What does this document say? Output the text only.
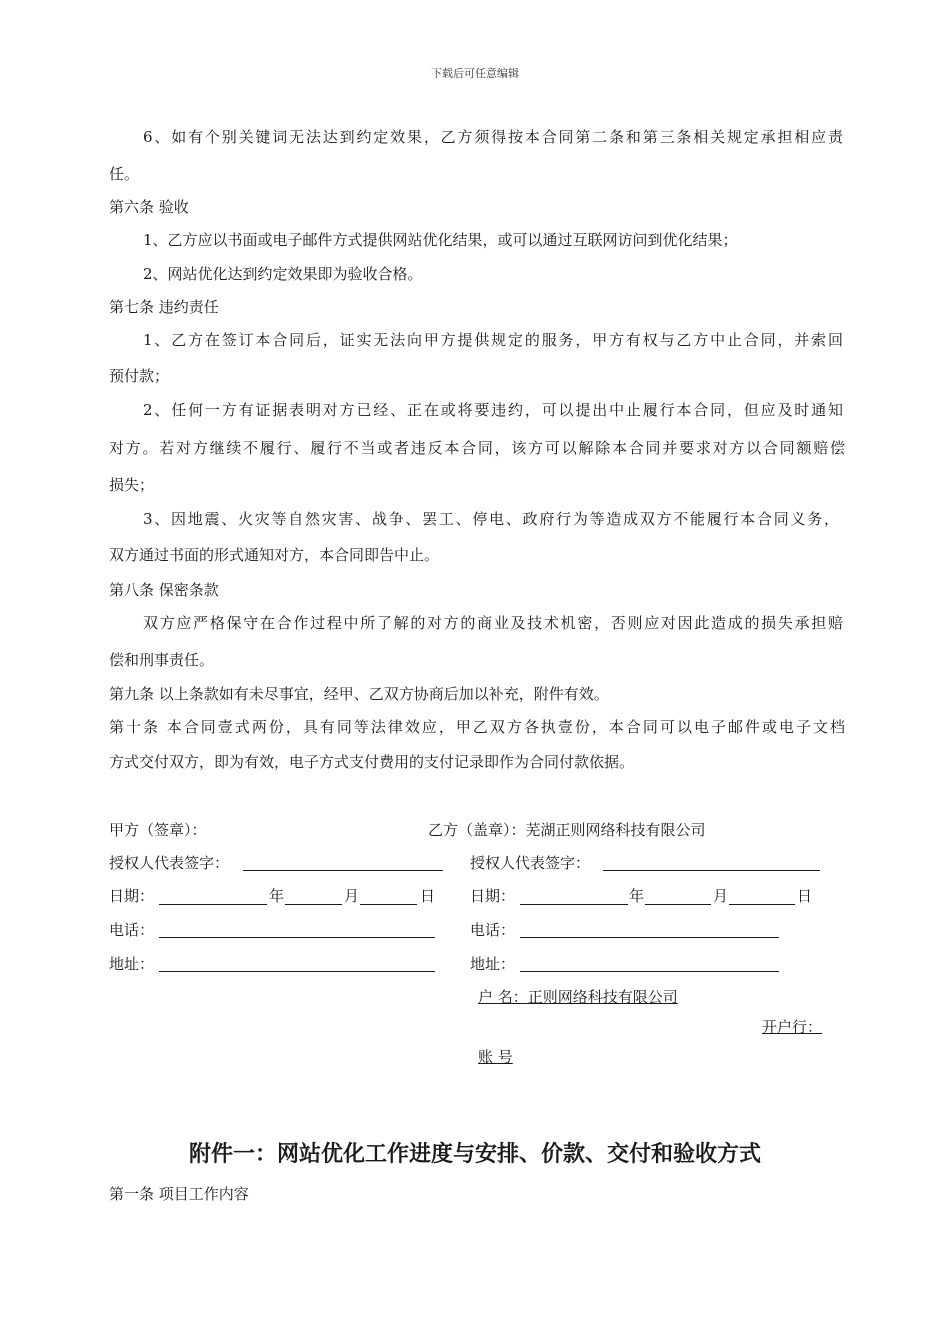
下载后可任意编辑
6、如有个别关键词无法达到约定效果，乙方须得按本合同第二条和第三条相关规定承担相应责
任。
第六条 验收
1、乙方应以书面或电子邮件方式提供网站优化结果，或可以通过互联网访问到优化结果；
2、网站优化达到约定效果即为验收合格。
第七条 违约责任
1、乙方在签订本合同后，证实无法向甲方提供规定的服务，甲方有权与乙方中止合同，并索回
预付款；
2、任何一方有证据表明对方已经、正在或将要违约，可以提出中止履行本合同，但应及时通知
对方。若对方继续不履行、履行不当或者违反本合同，该方可以解除本合同并要求对方以合同额赔偿
损失；
3、因地震、火灾等自然灾害、战争、罢工、停电、政府行为等造成双方不能履行本合同义务，
双方通过书面的形式通知对方，本合同即告中止。
第八条 保密条款
双方应严格保守在合作过程中所了解的对方的商业及技术机密，否则应对因此造成的损失承担赔
偿和刑事责任。
第九条 以上条款如有未尽事宜，经甲、乙双方协商后加以补充，附件有效。
第十条 本合同壹式两份，具有同等法律效应，甲乙双方各执壹份，本合同可以电子邮件或电子文档
方式交付双方，即为有效，电子方式支付费用的支付记录即作为合同付款依据。
甲方（签章）：
授权人代表签字：
日期：	年	月	日
电话：
地址：
乙方（盖章）：芜湖正则网络科技有限公司
授权人代表签字：
日期：	年	月	日
电话：
地址：
户 名：正则网络科技有限公司
开户行：
账 号
附件一：网站优化工作进度与安排、价款、交付和验收方式
第一条 项目工作内容
